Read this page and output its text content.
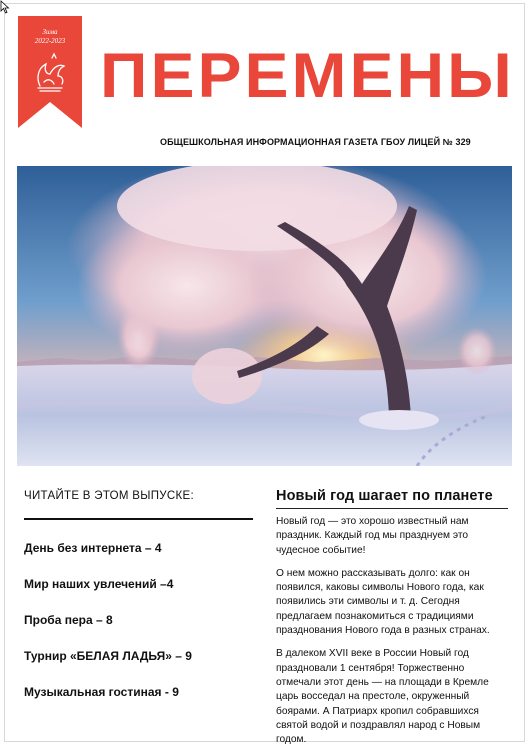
Зима
2022-2023 ПЕРЕМЕНЫ
ОБЩЕШКОЛЬНАЯ ИНФОРМАЦИОННАЯ ГАЗЕТА ГБОУ ЛИЦЕЙ № 329
ЧИТАЙТЕ В ЭТОМ ВЫПУСКЕ:
День без интернета – 4
Мир наших увлечений –4
Проба пера – 8
Турнир «БЕЛАЯ ЛАДЬЯ» – 9
Музыкальная гостиная - 9
Новый год шагает по планете

Новый год — это хорошо известный нам праздник. Каждый год мы празднуем это чудесное событие!

О нем можно рассказывать долго: как он появился, каковы символы Нового года, как появились эти символы и т. д. Сегодня предлагаем познакомиться с традициями празднования Нового года в разных странах.

В далеком XVII веке в России Новый год праздновали 1 сентября! Торжественно отмечали этот день — на площади в Кремле царь восседал на престоле, окруженный боярами. А Патриарх кропил собравшихся святой водой и поздравлял народ с Новым годом.
